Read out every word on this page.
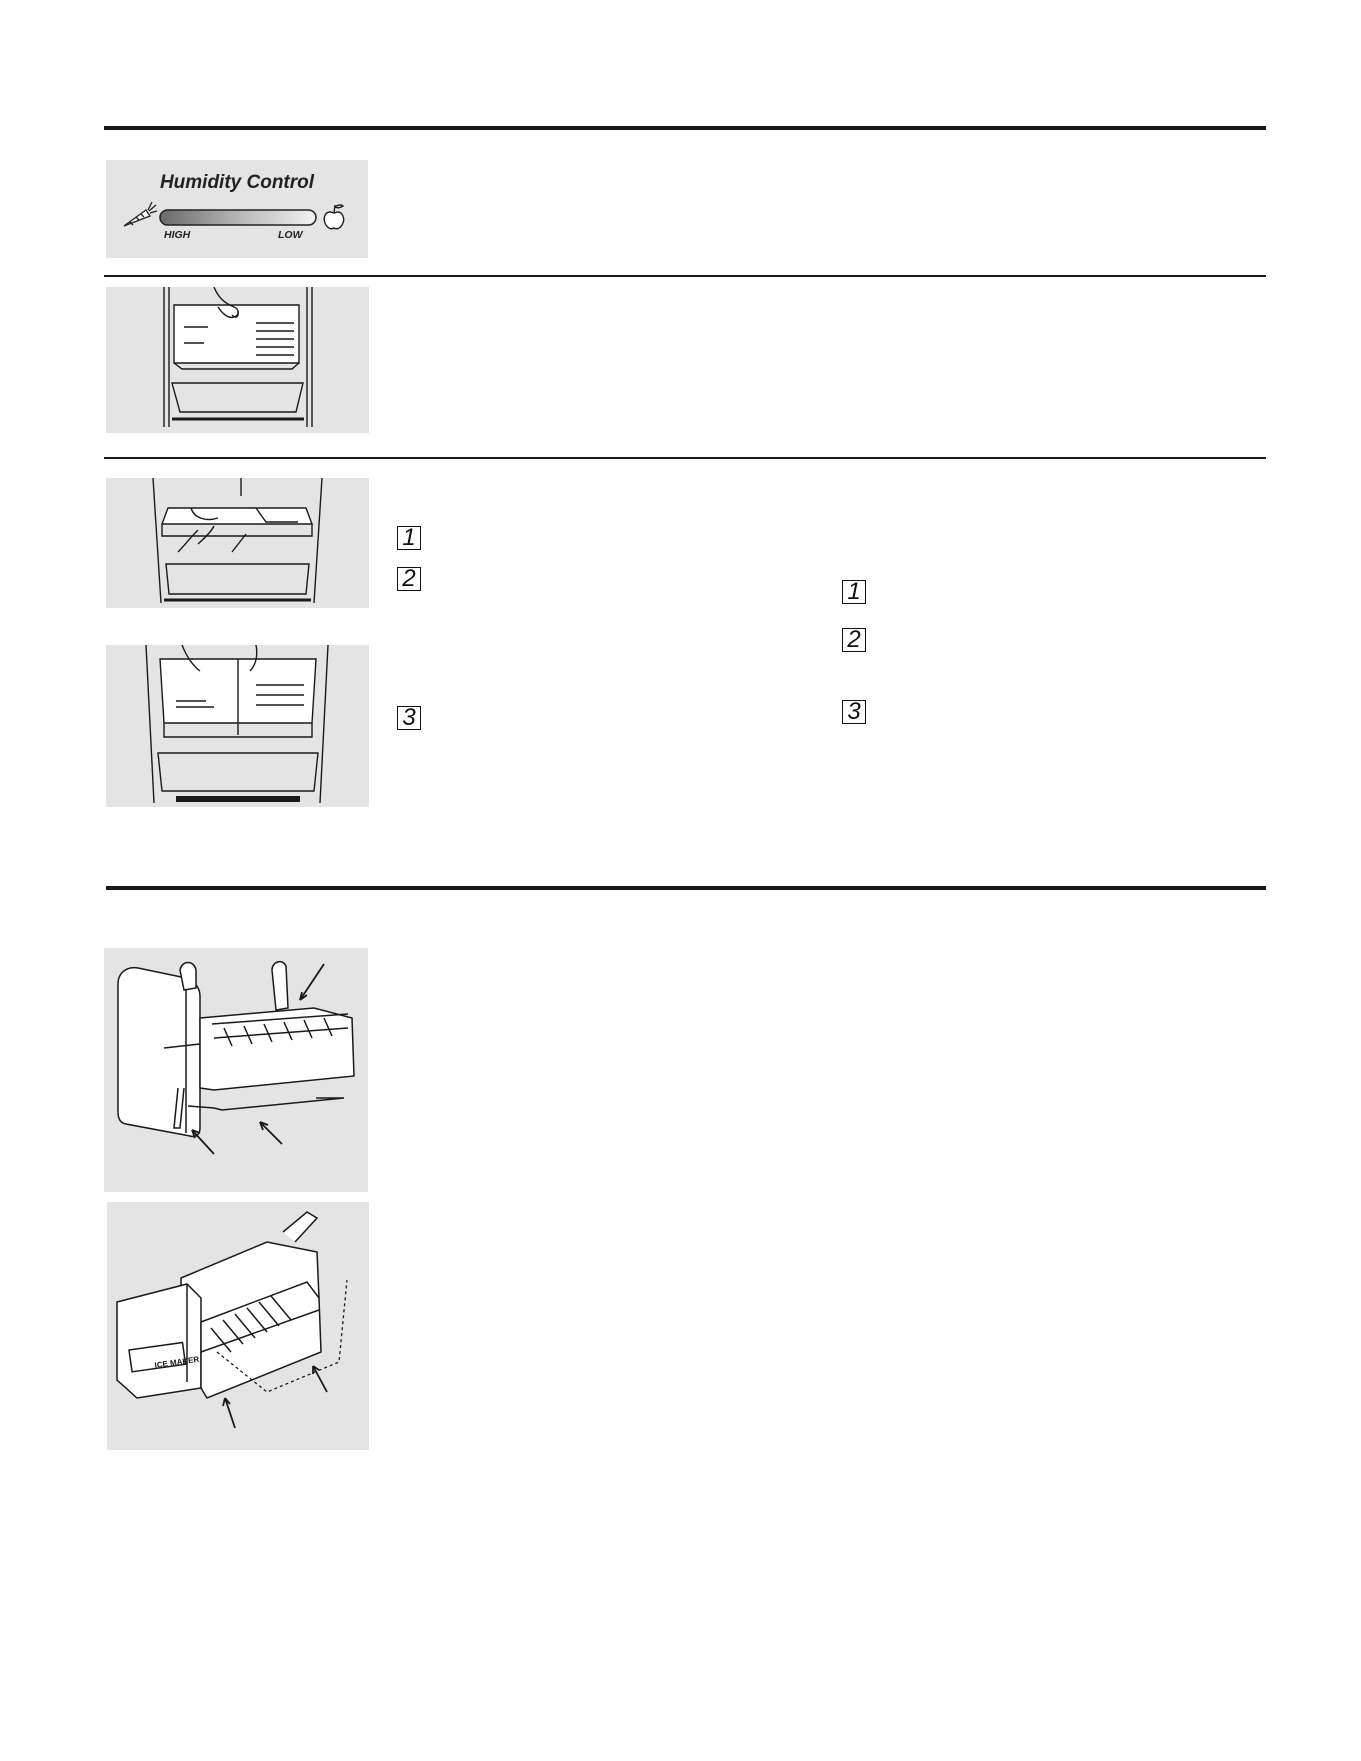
Humidity Control
HIGH	LOW
1
2
3
1
2
3
ICE MAKER
